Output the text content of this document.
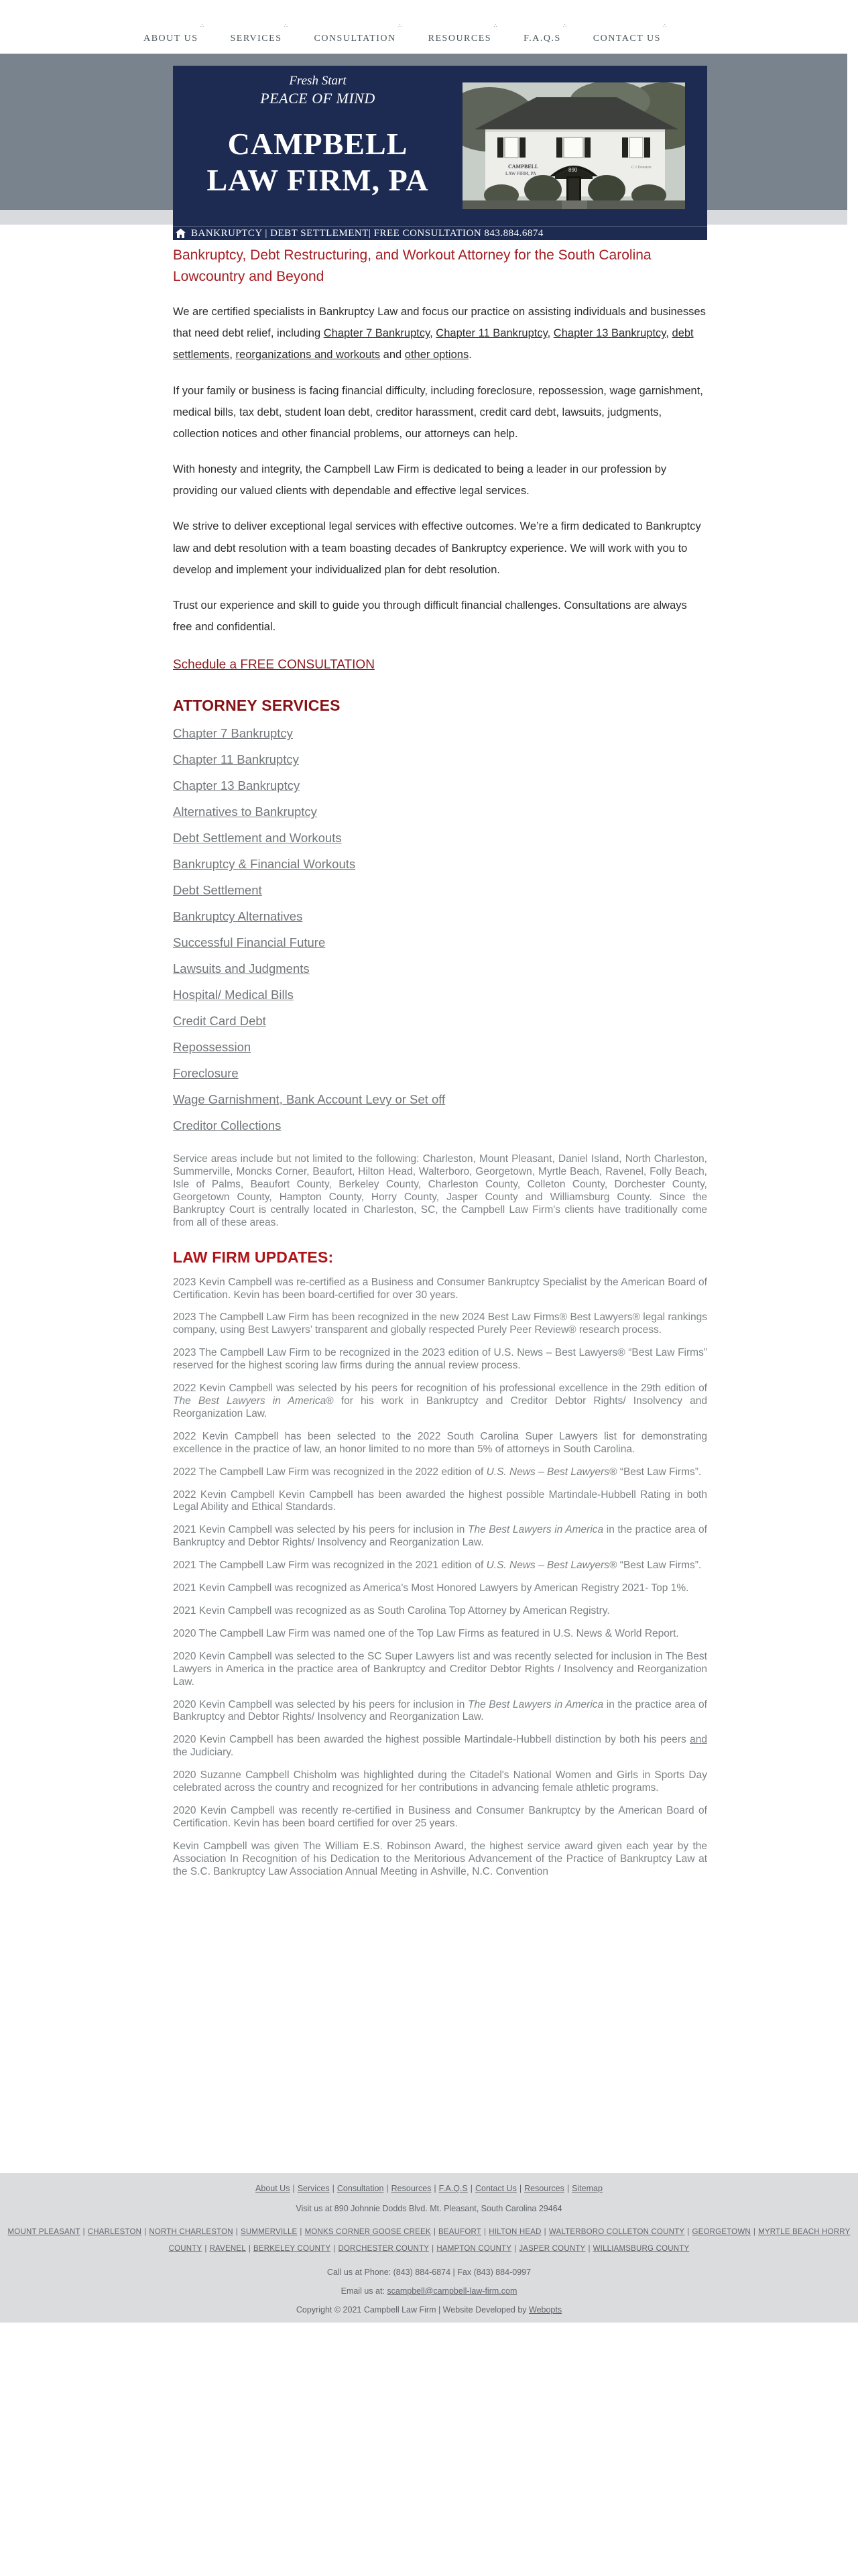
ABOUT US
∴
SERVICES
∴
CONSULTATION
∴
RESOURCES
∴
F.A.Q.S
∴
CONTACT US
∴
Fresh Start
PEACE OF MIND
CAMPBELL
LAW FIRM, PA	CAMPBELL
LAW FIRM, PA
C J Donston
890
BANKRUPTCY | DEBT SETTLEMENT| FREE CONSULTATION 843.884.6874
Bankruptcy, Debt Restructuring, and Workout Attorney for the South Carolina Lowcountry and Beyond

We are certified specialists in Bankruptcy Law and focus our practice on assisting individuals and businesses that need debt relief, including Chapter 7 Bankruptcy, Chapter 11 Bankruptcy, Chapter 13 Bankruptcy, debt settlements, reorganizations and workouts and other options.

If your family or business is facing financial difficulty, including foreclosure, repossession, wage garnishment, medical bills, tax debt, student loan debt, creditor harassment, credit card debt, lawsuits, judgments, collection notices and other financial problems, our attorneys can help.

With honesty and integrity, the Campbell Law Firm is dedicated to being a leader in our profession by providing our valued clients with dependable and effective legal services.

We strive to deliver exceptional legal services with effective outcomes. We’re a firm dedicated to Bankruptcy law and debt resolution with a team boasting decades of Bankruptcy experience. We will work with you to develop and implement your individualized plan for debt resolution.

Trust our experience and skill to guide you through difficult financial challenges. Consultations are always free and confidential.

Schedule a FREE CONSULTATION
ATTORNEY SERVICES

Chapter 7 Bankruptcy

Chapter 11 Bankruptcy

Chapter 13 Bankruptcy

Alternatives to Bankruptcy

Debt Settlement and Workouts

Bankruptcy & Financial Workouts

Debt Settlement

Bankruptcy Alternatives

Successful Financial Future

Lawsuits and Judgments

Hospital/ Medical Bills

Credit Card Debt

Repossession

Foreclosure

Wage Garnishment, Bank Account Levy or Set off

Creditor Collections

Service areas include but not limited to the following: Charleston, Mount Pleasant, Daniel Island, North Charleston, Summerville, Moncks Corner, Beaufort, Hilton Head, Walterboro, Georgetown, Myrtle Beach, Ravenel, Folly Beach, Isle of Palms, Beaufort County, Berkeley County, Charleston County, Colleton County, Dorchester County, Georgetown County, Hampton County, Horry County, Jasper County and Williamsburg County. Since the Bankruptcy Court is centrally located in Charleston, SC, the Campbell Law Firm's clients have traditionally come from all of these areas.

LAW FIRM UPDATES:

2023 Kevin Campbell was re-certified as a Business and Consumer Bankruptcy Specialist by the American Board of Certification. Kevin has been board-certified for over 30 years.

2023 The Campbell Law Firm has been recognized in the new 2024 Best Law Firms® Best Lawyers® legal rankings company, using Best Lawyers’ transparent and globally respected Purely Peer Review® research process.

2023 The Campbell Law Firm to be recognized in the 2023 edition of U.S. News – Best Lawyers® “Best Law Firms” reserved for the highest scoring law firms during the annual review process.

2022 Kevin Campbell was selected by his peers for recognition of his professional excellence in the 29th edition of The Best Lawyers in America® for his work in Bankruptcy and Creditor Debtor Rights/ Insolvency and Reorganization Law.

2022 Kevin Campbell has been selected to the 2022 South Carolina Super Lawyers list for demonstrating excellence in the practice of law, an honor limited to no more than 5% of attorneys in South Carolina.

2022 The Campbell Law Firm was recognized in the 2022 edition of U.S. News – Best Lawyers® “Best Law Firms”.

2022 Kevin Campbell Kevin Campbell has been awarded the highest possible Martindale-Hubbell Rating in both Legal Ability and Ethical Standards.

2021 Kevin Campbell was selected by his peers for inclusion in The Best Lawyers in America in the practice area of Bankruptcy and Debtor Rights/ Insolvency and Reorganization Law.

2021 The Campbell Law Firm was recognized in the 2021 edition of U.S. News – Best Lawyers® “Best Law Firms”.

2021 Kevin Campbell was recognized as America's Most Honored Lawyers by American Registry 2021- Top 1%.

2021 Kevin Campbell was recognized as as South Carolina Top Attorney by American Registry.

2020 The Campbell Law Firm was named one of the Top Law Firms as featured in U.S. News & World Report.

2020 Kevin Campbell was selected to the SC Super Lawyers list and was recently selected for inclusion in The Best Lawyers in America in the practice area of Bankruptcy and Creditor Debtor Rights / Insolvency and Reorganization Law.

2020 Kevin Campbell was selected by his peers for inclusion in The Best Lawyers in America in the practice area of Bankruptcy and Debtor Rights/ Insolvency and Reorganization Law.

2020 Kevin Campbell has been awarded the highest possible Martindale-Hubbell distinction by both his peers and the Judiciary.

2020 Suzanne Campbell Chisholm was highlighted during the Citadel's National Women and Girls in Sports Day celebrated across the country and recognized for her contributions in advancing female athletic programs.

2020 Kevin Campbell was recently re-certified in Business and Consumer Bankruptcy by the American Board of Certification. Kevin has been board certified for over 25 years.

Kevin Campbell was given The William E.S. Robinson Award, the highest service award given each year by the Association In Recognition of his Dedication to the Meritorious Advancement of the Practice of Bankruptcy Law at the S.C. Bankruptcy Law Association Annual Meeting in Ashville, N.C. Convention

About Us | Services | Consultation | Resources | F.A.Q.S | Contact Us | Resources | Sitemap
Visit us at 890 Johnnie Dodds Blvd. Mt. Pleasant, South Carolina 29464
MOUNT PLEASANT | CHARLESTON | NORTH CHARLESTON | SUMMERVILLE | MONKS CORNER GOOSE CREEK | BEAUFORT | HILTON HEAD | WALTERBORO COLLETON COUNTY | GEORGETOWN | MYRTLE BEACH HORRY COUNTY | RAVENEL | BERKELEY COUNTY | DORCHESTER COUNTY | HAMPTON COUNTY | JASPER COUNTY | WILLIAMSBURG COUNTY
Call us at Phone: (843) 884-6874 | Fax (843) 884-0997
Email us at: scampbell@campbell-law-firm.com
Copyright © 2021 Campbell Law Firm | Website Developed by Webopts
